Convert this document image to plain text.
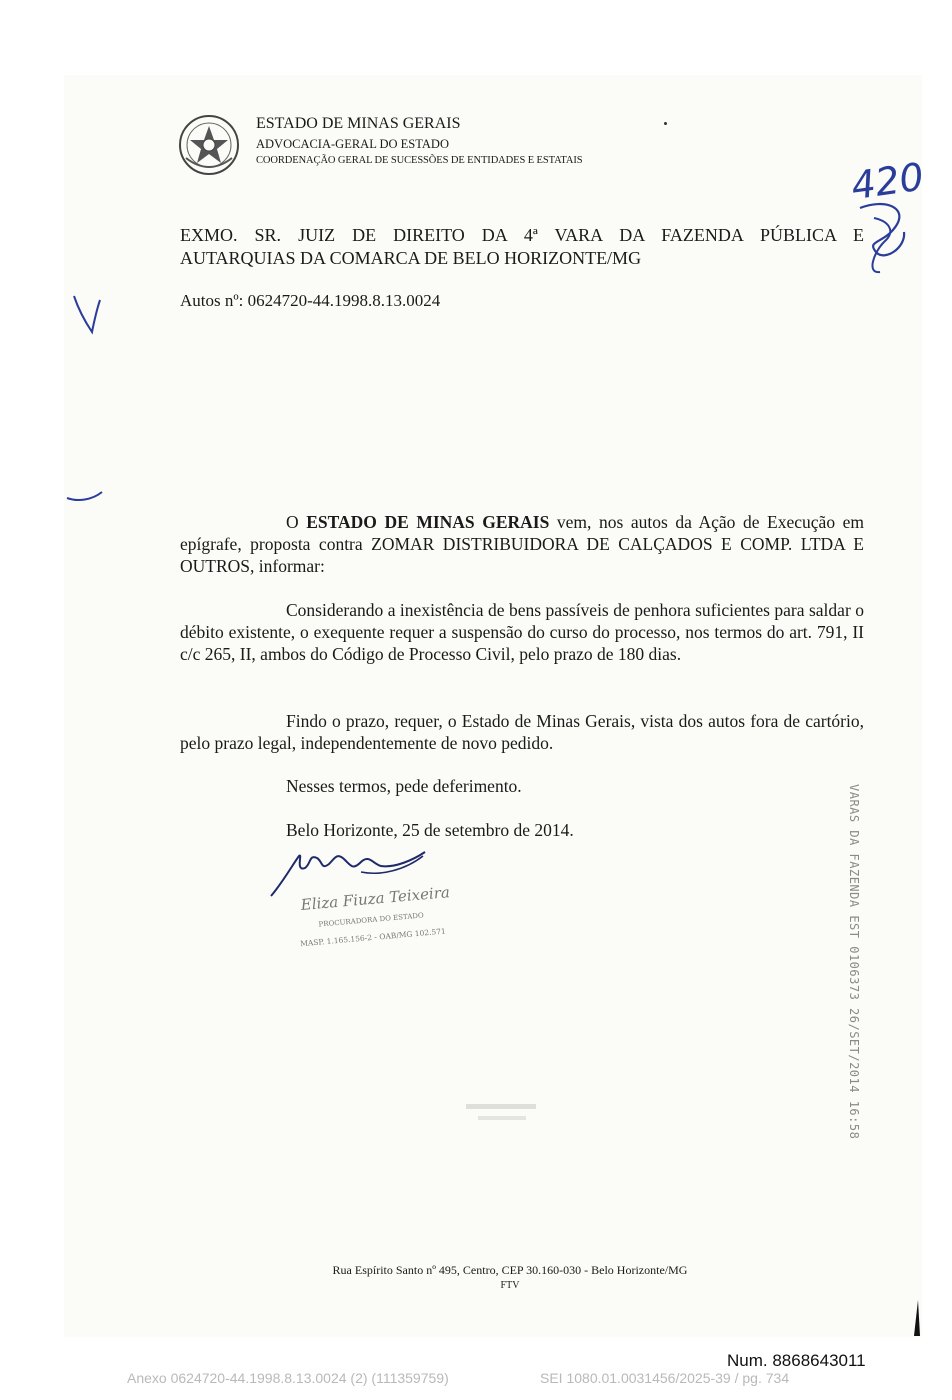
ESTADO DE MINAS GERAIS
ADVOCACIA-GERAL DO ESTADO
COORDENAÇÃO GERAL DE SUCESSÕES DE ENTIDADES E ESTATAIS	420
EXMO. SR. JUIZ DE DIREITO DA 4ª VARA DA FAZENDA PÚBLICA E
AUTARQUIAS DA COMARCA DE BELO HORIZONTE/MG
Autos nº: 0624720-44.1998.8.13.0024
O ESTADO DE MINAS GERAIS vem, nos autos da Ação de Execução em epígrafe, proposta contra ZOMAR DISTRIBUIDORA DE CALÇADOS E COMP. LTDA E OUTROS, informar:
Considerando a inexistência de bens passíveis de penhora suficientes para saldar o débito existente, o exequente requer a suspensão do curso do processo, nos termos do art. 791, II c/c 265, II, ambos do Código de Processo Civil, pelo prazo de 180 dias.
Findo o prazo, requer, o Estado de Minas Gerais, vista dos autos fora de cartório, pelo prazo legal, independentemente de novo pedido.
Nesses termos, pede deferimento.
Belo Horizonte, 25 de setembro de 2014.
Eliza Fiuza Teixeira
PROCURADORA DO ESTADO
MASP. 1.165.156-2 - OAB/MG 102.571	VARAS DA FAZENDA EST 0106373 26/SET/2014 16:58
Rua Espírito Santo nº 495, Centro, CEP 30.160-030 - Belo Horizonte/MG
FTV
Num. 8868643011
Anexo 0624720-44.1998.8.13.0024 (2) (111359759)	SEI 1080.01.0031456/2025-39 / pg. 734
